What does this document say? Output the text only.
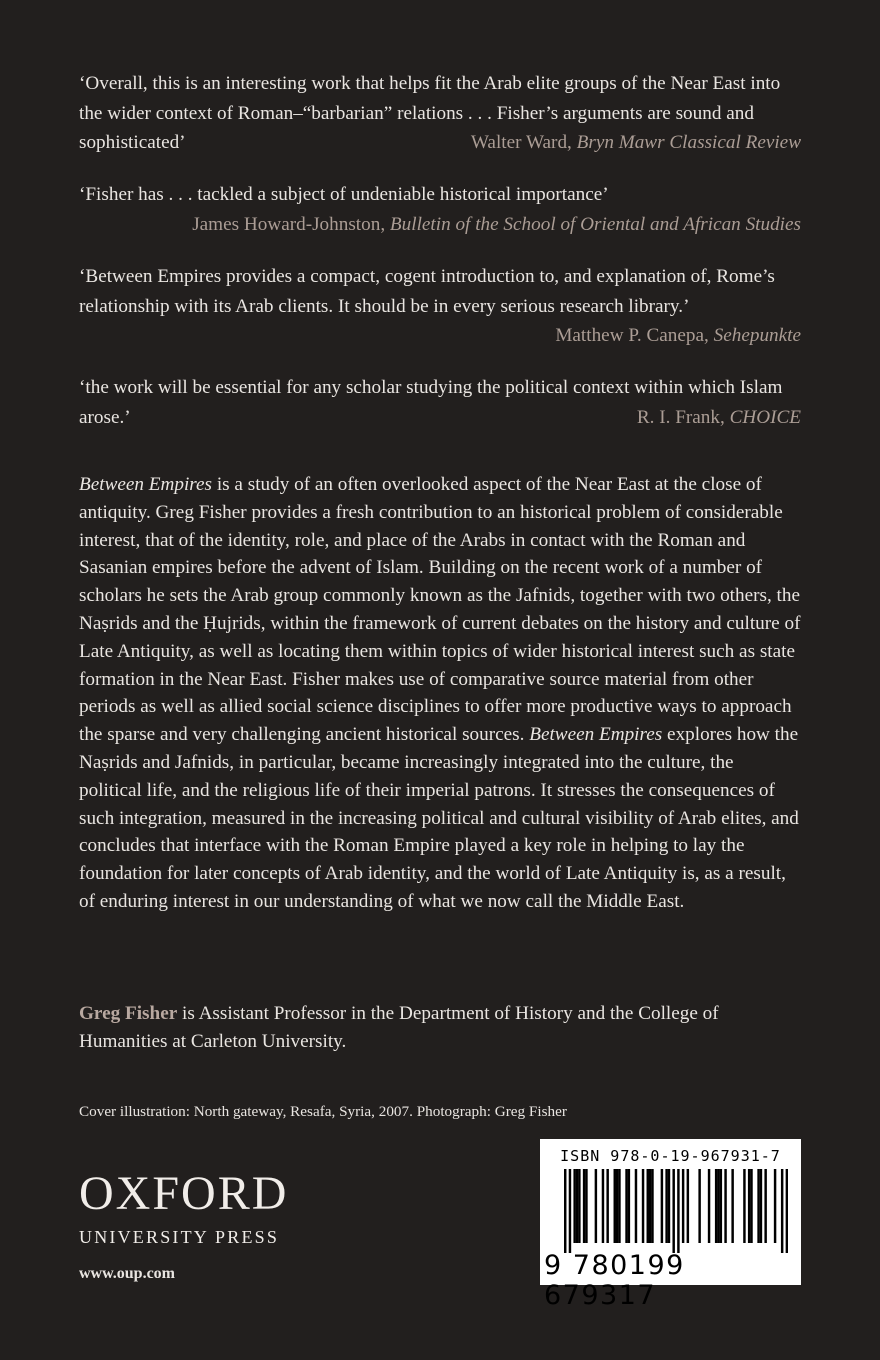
‘Overall, this is an interesting work that helps fit the Arab elite groups of the Near East into the wider context of Roman–“barbarian” relations . . . Fisher’s arguments are sound and sophisticated’	Walter Ward, Bryn Mawr Classical Review
‘Fisher has . . . tackled a subject of undeniable historical importance’
James Howard-Johnston, Bulletin of the School of Oriental and African Studies
‘Between Empires provides a compact, cogent introduction to, and explanation of, Rome’s relationship with its Arab clients. It should be in every serious research library.’
Matthew P. Canepa, Sehepunkte
‘the work will be essential for any scholar studying the political context within which Islam arose.’	R. I. Frank, CHOICE
Between Empires is a study of an often overlooked aspect of the Near East at the close of antiquity. Greg Fisher provides a fresh contribution to an historical problem of considerable interest, that of the identity, role, and place of the Arabs in contact with the Roman and Sasanian empires before the advent of Islam. Building on the recent work of a number of scholars he sets the Arab group commonly known as the Jafnids, together with two others, the Naṣrids and the Ḥujrids, within the framework of current debates on the history and culture of Late Antiquity, as well as locating them within topics of wider historical interest such as state formation in the Near East. Fisher makes use of comparative source material from other periods as well as allied social science disciplines to offer more productive ways to approach the sparse and very challenging ancient historical sources. Between Empires explores how the Naṣrids and Jafnids, in particular, became increasingly integrated into the culture, the political life, and the religious life of their imperial patrons. It stresses the consequences of such integration, measured in the increasing political and cultural visibility of Arab elites, and concludes that interface with the Roman Empire played a key role in helping to lay the foundation for later concepts of Arab identity, and the world of Late Antiquity is, as a result, of enduring interest in our understanding of what we now call the Middle East.
Greg Fisher is Assistant Professor in the Department of History and the College of Humanities at Carleton University.
Cover illustration: North gateway, Resafa, Syria, 2007. Photograph: Greg Fisher
OXFORD
UNIVERSITY PRESS
www.oup.com
ISBN 978-0-19-967931-7
9 780199 679317
